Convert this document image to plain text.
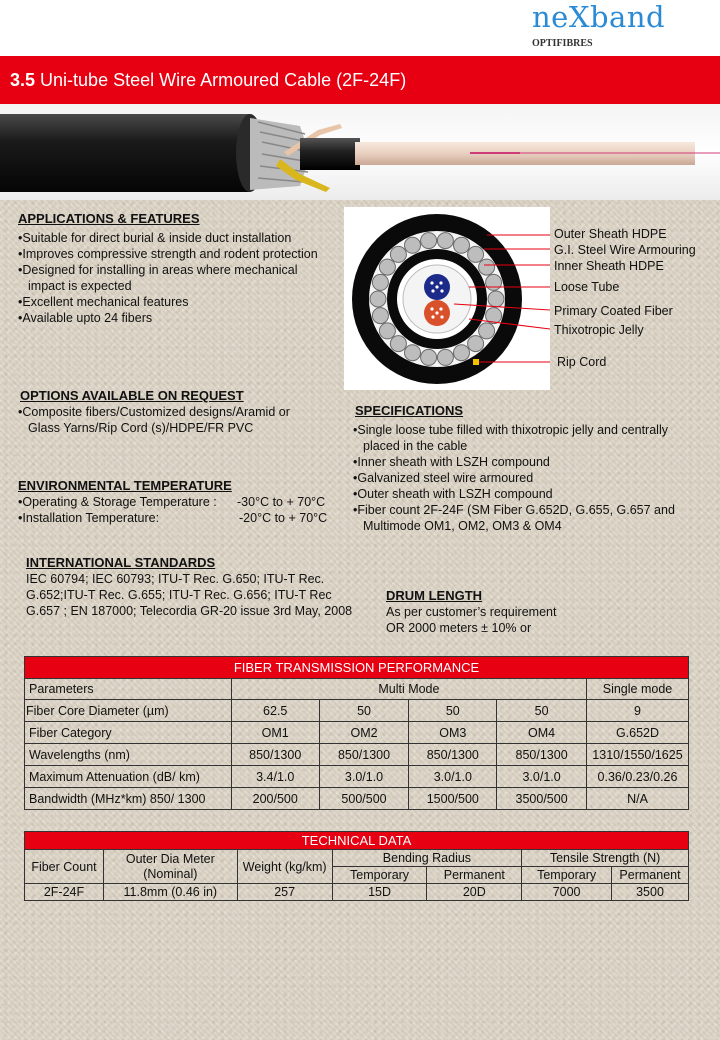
neXband
OPTIFIBRES
3.5 Uni-tube Steel Wire Armoured Cable (2F-24F)
APPLICATIONS & FEATURES
• Suitable for direct burial & inside duct installation
• Improves compressive strength and rodent protection
• Designed for installing in areas where mechanical
impact is expected
• Excellent mechanical features
• Available upto 24 fibers
Outer Sheath HDPE
G.I. Steel Wire Armouring
Inner Sheath HDPE
Loose Tube
Primary Coated Fiber
Thixotropic Jelly
Rip Cord
OPTIONS AVAILABLE ON REQUEST
• Composite fibers/Customized designs/Aramid or
Glass Yarns/Rip Cord (s)/HDPE/FR PVC
SPECIFICATIONS
• Single loose tube filled with thixotropic jelly and centrally
placed in the cable
• Inner sheath with LSZH compound
• Galvanized steel wire armoured
• Outer sheath with LSZH compound
• Fiber count 2F-24F (SM Fiber G.652D, G.655, G.657 and
Multimode OM1, OM2, OM3 & OM4
ENVIRONMENTAL TEMPERATURE
• Operating & Storage Temperature : -30°C to + 70°C
• Installation Temperature:	-20°C to + 70°C
INTERNATIONAL STANDARDS
IEC 60794; IEC 60793; ITU-T Rec. G.650; ITU-T Rec.
G.652;ITU-T Rec. G.655; ITU-T Rec. G.656; ITU-T Rec
G.657 ; EN 187000; Telecordia GR-20 issue 3rd May, 2008
DRUM LENGTH
As per customer’s requirement
OR 2000 meters ± 10% or
FIBER TRANSMISSION PERFORMANCE					
Parameters	Multi Mode				Single mode
Fiber Core Diameter (µm)	62.5	50	50	50	9
Fiber Category	OM1	OM2	OM3	OM4	G.652D
Wavelengths (nm)	850/1300	850/1300	850/1300	850/1300	1310/1550/1625
Maximum Attenuation (dB/ km)	3.4/1.0	3.0/1.0	3.0/1.0	3.0/1.0	0.36/0.23/0.26
Bandwidth (MHz*km) 850/ 1300	200/500	500/500	1500/500	3500/500	N/A
TECHNICAL DATA						
Fiber Count	Outer Dia Meter (Nominal)	Weight (kg/km)	Bending Radius		Tensile Strength (N)	
			Temporary	Permanent	Temporary	Permanent
2F-24F	11.8mm (0.46 in)	257	15D	20D	7000	3500
